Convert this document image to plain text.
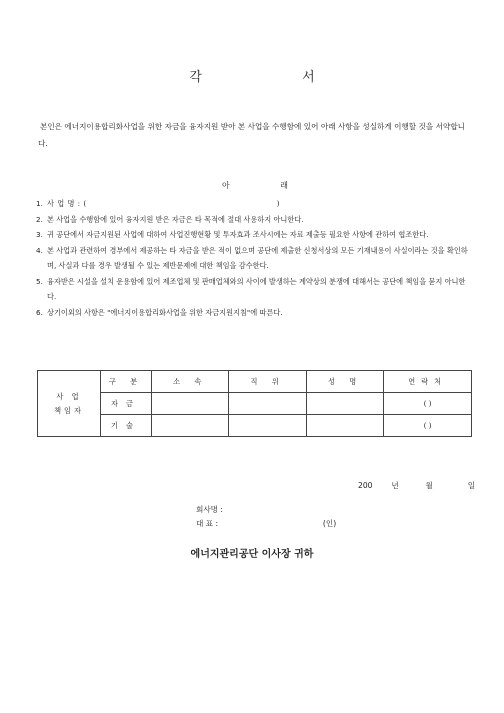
각 서
본인은 에너지이용합리화사업을 위한 자금을 융자지원 받아 본 사업을 수행함에 있어 아래 사항을 성실하게 이행할 것을 서약합니다.
아 래
1. 사 업 명 : (	)
2. 본 사업을 수행함에 있어 융자지원 받은 자금은 타 목적에 절대 사용하지 아니한다.
3. 귀 공단에서 자금지원된 사업에 대하여 사업진행현황 및 투자효과 조사시에는 자료 제출등 필요한 사항에 관하여 협조한다.
4. 본 사업과 관련하여 경부에서 제공하는 타 자금을 받은 적이 없으며 공단에 제출한 신청서상의 모든 기재내용이 사실이라는 것을 확인하며, 사실과 다를 경우 발생될 수 있는 제반문제에 대한 책임을 감수한다.
5. 융자받은 시설을 설치 운용함에 있어 제조업체 및 판매업체와의 사이에 발생하는 계약상의 분쟁에 대해서는 공단에 책임을 묻지 아니한다.
6. 상기이외의 사항은 "에너지이용합리화사업을 위한 자금지원지침"에 따른다.
사 업
책임자	구 분	소 속	직 위	성 명	연락처
	자금				( )
	기술				( )
200 년	월	일
회사명 :
대 표 :	(인)
에너지관리공단 이사장 귀하
